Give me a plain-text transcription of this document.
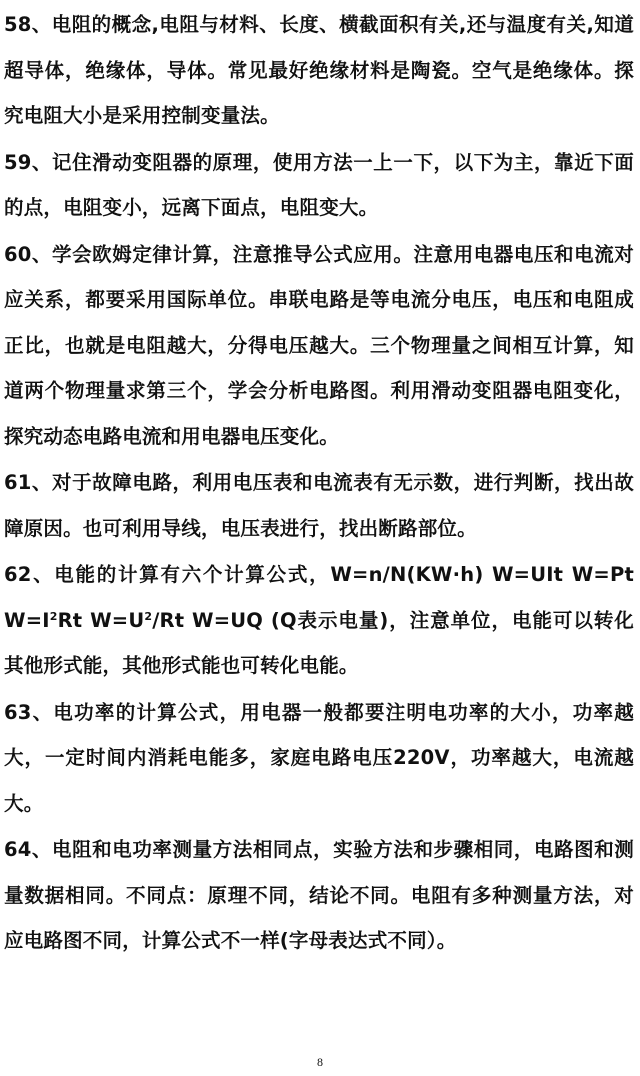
58、电阻的概念,电阻与材料、长度、横截面积有关,还与温度有关,知道超导体，绝缘体，导体。常见最好绝缘材料是陶瓷。空气是绝缘体。探究电阻大小是采用控制变量法。

59、记住滑动变阻器的原理，使用方法一上一下，以下为主，靠近下面的点，电阻变小，远离下面点，电阻变大。

60、学会欧姆定律计算，注意推导公式应用。注意用电器电压和电流对应关系，都要采用国际单位。串联电路是等电流分电压，电压和电阻成正比，也就是电阻越大，分得电压越大。三个物理量之间相互计算，知道两个物理量求第三个，学会分析电路图。利用滑动变阻器电阻变化，探究动态电路电流和用电器电压变化。

61、对于故障电路，利用电压表和电流表有无示数，进行判断，找出故障原因。也可利用导线，电压表进行，找出断路部位。

62、电能的计算有六个计算公式，W=n/N(KW·h) W=UIt W=Pt $W=I^2Rt$ $W=U^2/Rt$ W=UQ (Q表示电量)，注意单位，电能可以转化其他形式能，其他形式能也可转化电能。

63、电功率的计算公式，用电器一般都要注明电功率的大小，功率越大，一定时间内消耗电能多，家庭电路电压220V，功率越大，电流越大。

64、电阻和电功率测量方法相同点，实验方法和步骤相同，电路图和测量数据相同。不同点：原理不同，结论不同。电阻有多种测量方法，对应电路图不同，计算公式不一样(字母表达式不同）。

8
